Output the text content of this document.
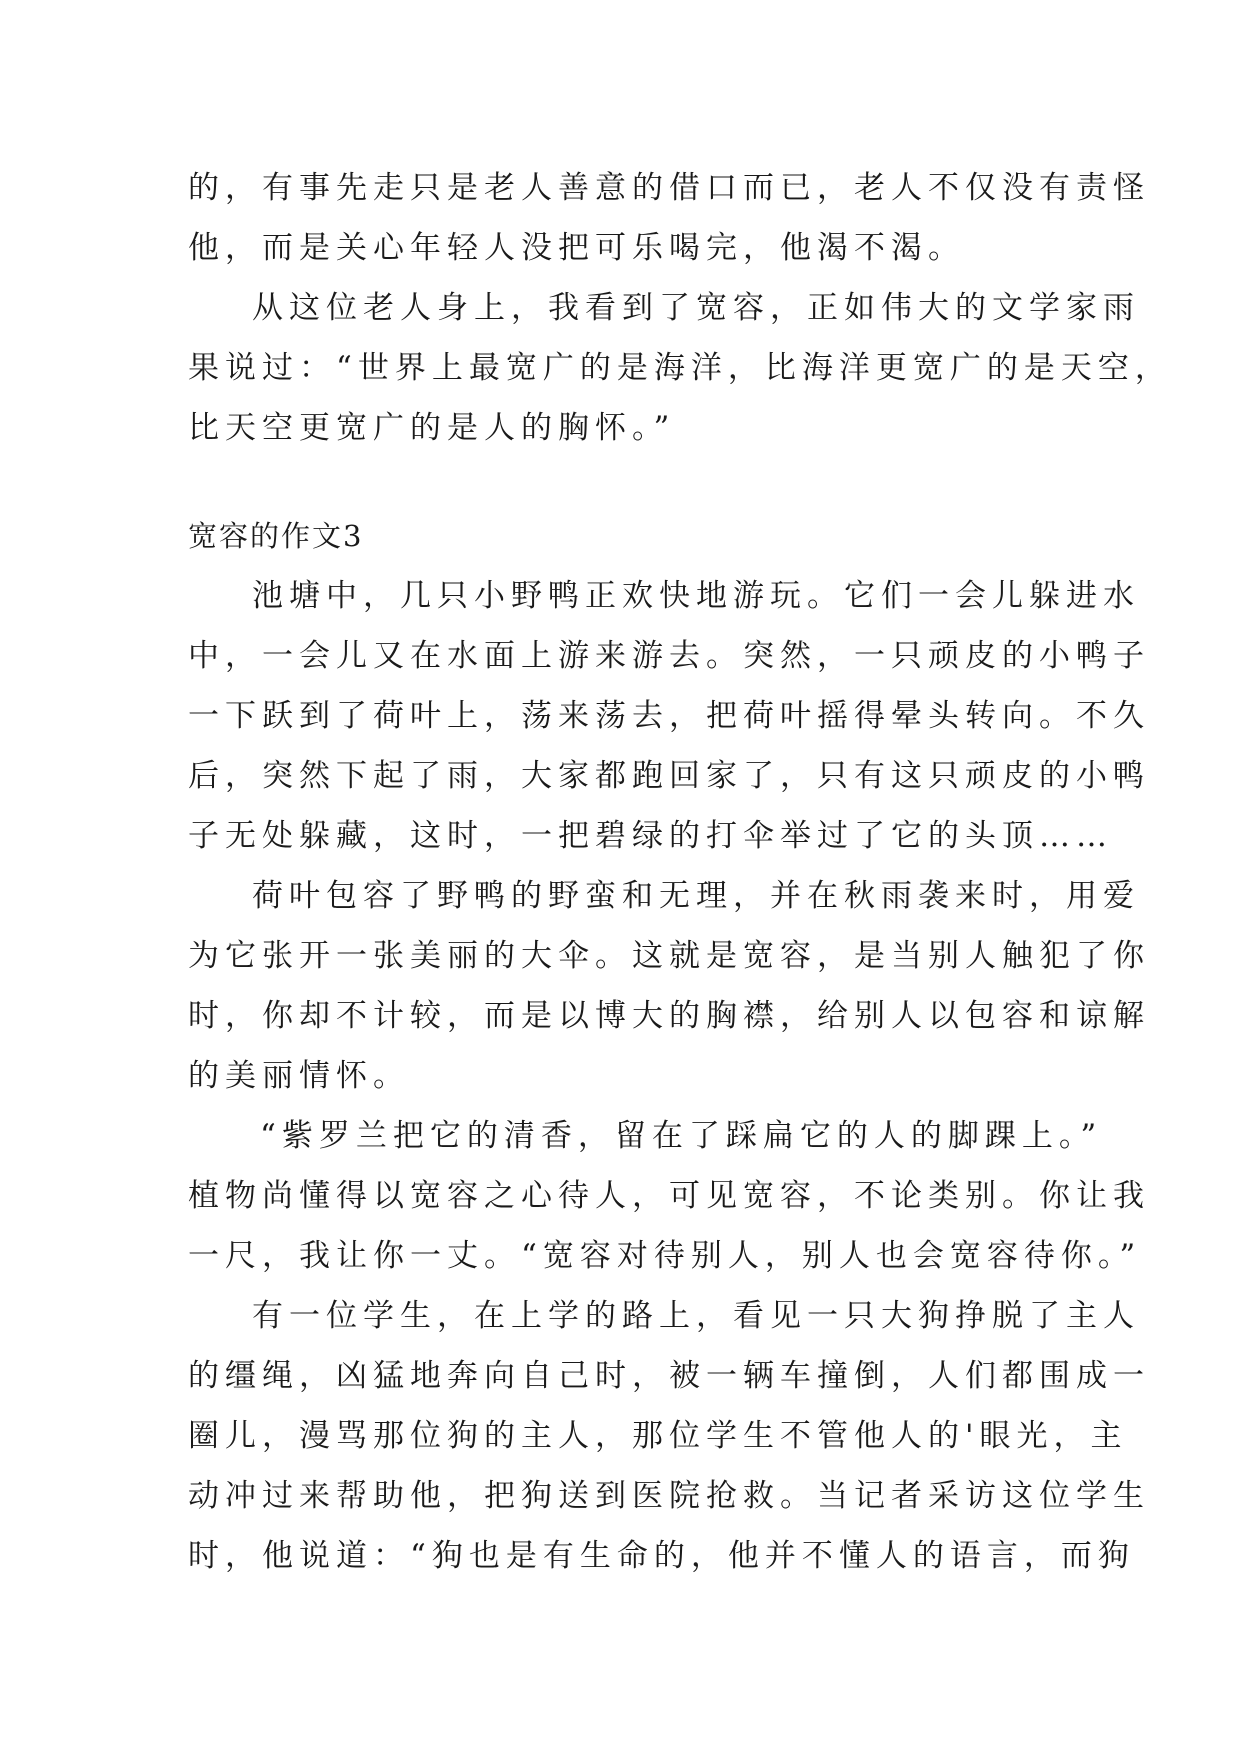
的，有事先走只是老人善意的借口而已，老人不仅没有责怪

他，而是关心年轻人没把可乐喝完，他渴不渴。

从这位老人身上，我看到了宽容，正如伟大的文学家雨

果说过：“世界上最宽广的是海洋，比海洋更宽广的是天空，

比天空更宽广的是人的胸怀。”

宽容的作文3

池塘中，几只小野鸭正欢快地游玩。它们一会儿躲进水

中，一会儿又在水面上游来游去。突然，一只顽皮的小鸭子

一下跃到了荷叶上，荡来荡去，把荷叶摇得晕头转向。不久

后，突然下起了雨，大家都跑回家了，只有这只顽皮的小鸭

子无处躲藏，这时，一把碧绿的打伞举过了它的头顶……

荷叶包容了野鸭的野蛮和无理，并在秋雨袭来时，用爱

为它张开一张美丽的大伞。这就是宽容，是当别人触犯了你

时，你却不计较，而是以博大的胸襟，给别人以包容和谅解

的美丽情怀。

“紫罗兰把它的清香，留在了踩扁它的人的脚踝上。”

植物尚懂得以宽容之心待人，可见宽容，不论类别。你让我

一尺，我让你一丈。“宽容对待别人，别人也会宽容待你。”

有一位学生，在上学的路上，看见一只大狗挣脱了主人

的缰绳，凶猛地奔向自己时，被一辆车撞倒，人们都围成一

圈儿，漫骂那位狗的主人，那位学生不管他人的'眼光，主

动冲过来帮助他，把狗送到医院抢救。当记者采访这位学生

时，他说道：“狗也是有生命的，他并不懂人的语言，而狗
